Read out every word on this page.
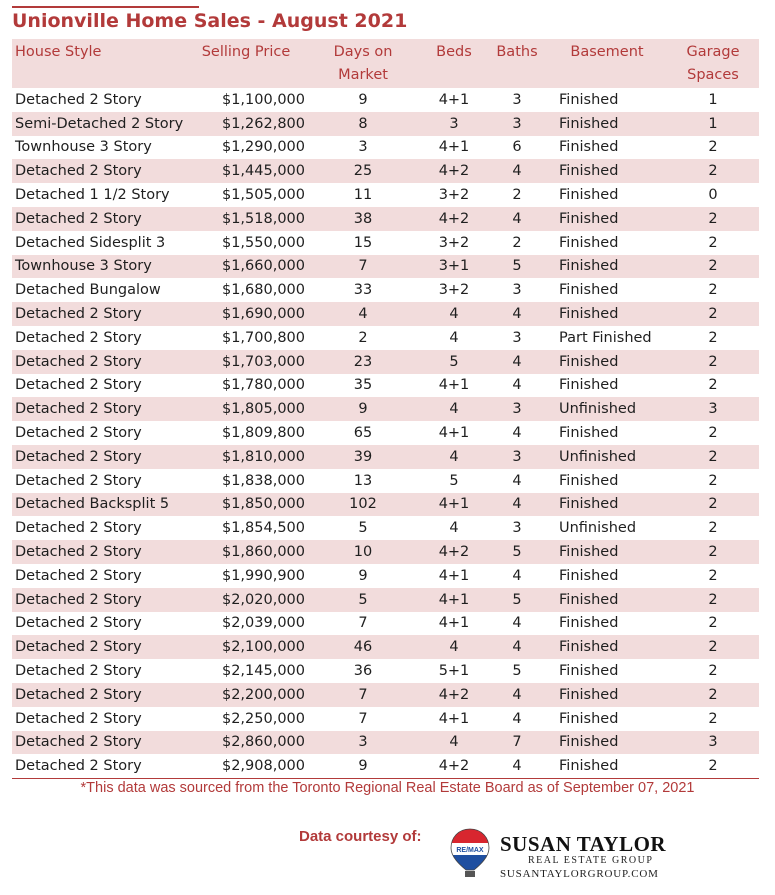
Unionville Home Sales - August 2021
House Style	Selling Price	Days on Market	Beds	Baths	Basement	Garage Spaces
Detached 2 Story	$1,100,000	9	4+1	3	Finished	1
Semi-Detached 2 Story	$1,262,800	8	3	3	Finished	1
Townhouse 3 Story	$1,290,000	3	4+1	6	Finished	2
Detached 2 Story	$1,445,000	25	4+2	4	Finished	2
Detached 1 1/2 Story	$1,505,000	11	3+2	2	Finished	0
Detached 2 Story	$1,518,000	38	4+2	4	Finished	2
Detached Sidesplit 3	$1,550,000	15	3+2	2	Finished	2
Townhouse 3 Story	$1,660,000	7	3+1	5	Finished	2
Detached Bungalow	$1,680,000	33	3+2	3	Finished	2
Detached 2 Story	$1,690,000	4	4	4	Finished	2
Detached 2 Story	$1,700,800	2	4	3	Part Finished	2
Detached 2 Story	$1,703,000	23	5	4	Finished	2
Detached 2 Story	$1,780,000	35	4+1	4	Finished	2
Detached 2 Story	$1,805,000	9	4	3	Unfinished	3
Detached 2 Story	$1,809,800	65	4+1	4	Finished	2
Detached 2 Story	$1,810,000	39	4	3	Unfinished	2
Detached 2 Story	$1,838,000	13	5	4	Finished	2
Detached Backsplit 5	$1,850,000	102	4+1	4	Finished	2
Detached 2 Story	$1,854,500	5	4	3	Unfinished	2
Detached 2 Story	$1,860,000	10	4+2	5	Finished	2
Detached 2 Story	$1,990,900	9	4+1	4	Finished	2
Detached 2 Story	$2,020,000	5	4+1	5	Finished	2
Detached 2 Story	$2,039,000	7	4+1	4	Finished	2
Detached 2 Story	$2,100,000	46	4	4	Finished	2
Detached 2 Story	$2,145,000	36	5+1	5	Finished	2
Detached 2 Story	$2,200,000	7	4+2	4	Finished	2
Detached 2 Story	$2,250,000	7	4+1	4	Finished	2
Detached 2 Story	$2,860,000	3	4	7	Finished	3
Detached 2 Story	$2,908,000	9	4+2	4	Finished	2
*This data was sourced from the Toronto Regional Real Estate Board as of September 07, 2021
Data courtesy of:
RE/MAX SUSAN TAYLOR
REAL ESTATE GROUP
SUSANTAYLORGROUP.COM
